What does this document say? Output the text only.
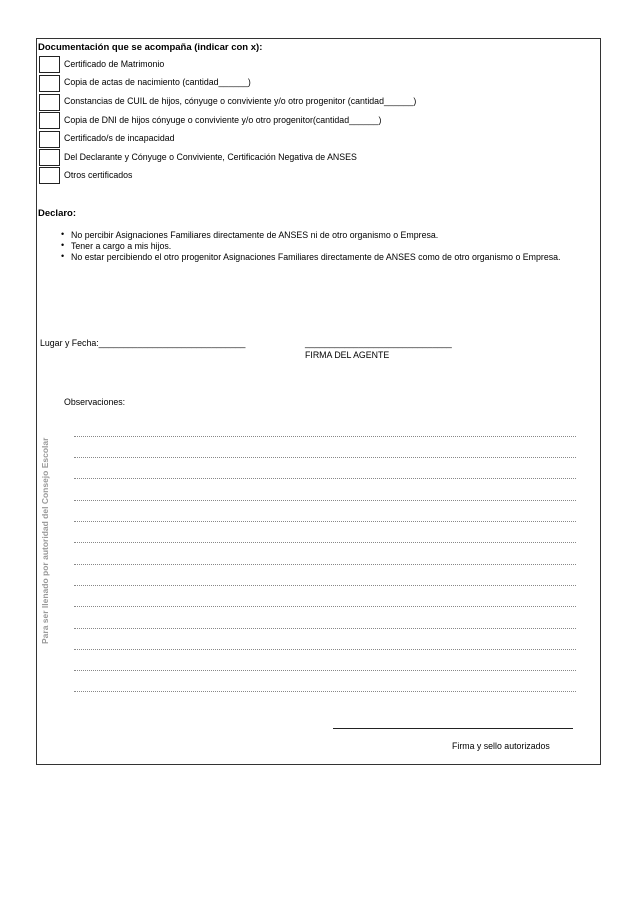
Documentación que se acompaña (indicar con x):
Certificado de Matrimonio
Copia de actas de nacimiento (cantidad______)
Constancias de CUIL de hijos, cónyuge o conviviente y/o otro progenitor (cantidad______)
Copia de DNI de hijos cónyuge o conviviente y/o otro progenitor(cantidad______)
Certificado/s de incapacidad
Del Declarante y Cónyuge o Conviviente, Certificación Negativa de ANSES
Otros certificados
Declaro:
• No percibir Asignaciones Familiares directamente de ANSES ni de otro organismo o Empresa.
• Tener a cargo a mis hijos.
• No estar percibiendo el otro progenitor Asignaciones Familiares directamente de ANSES como de otro organismo o Empresa.
Lugar y Fecha:______________________________	______________________________
FIRMA DEL AGENTE
Observaciones:
Para ser llenado por autoridad del Consejo Escolar
Firma y sello autorizados
